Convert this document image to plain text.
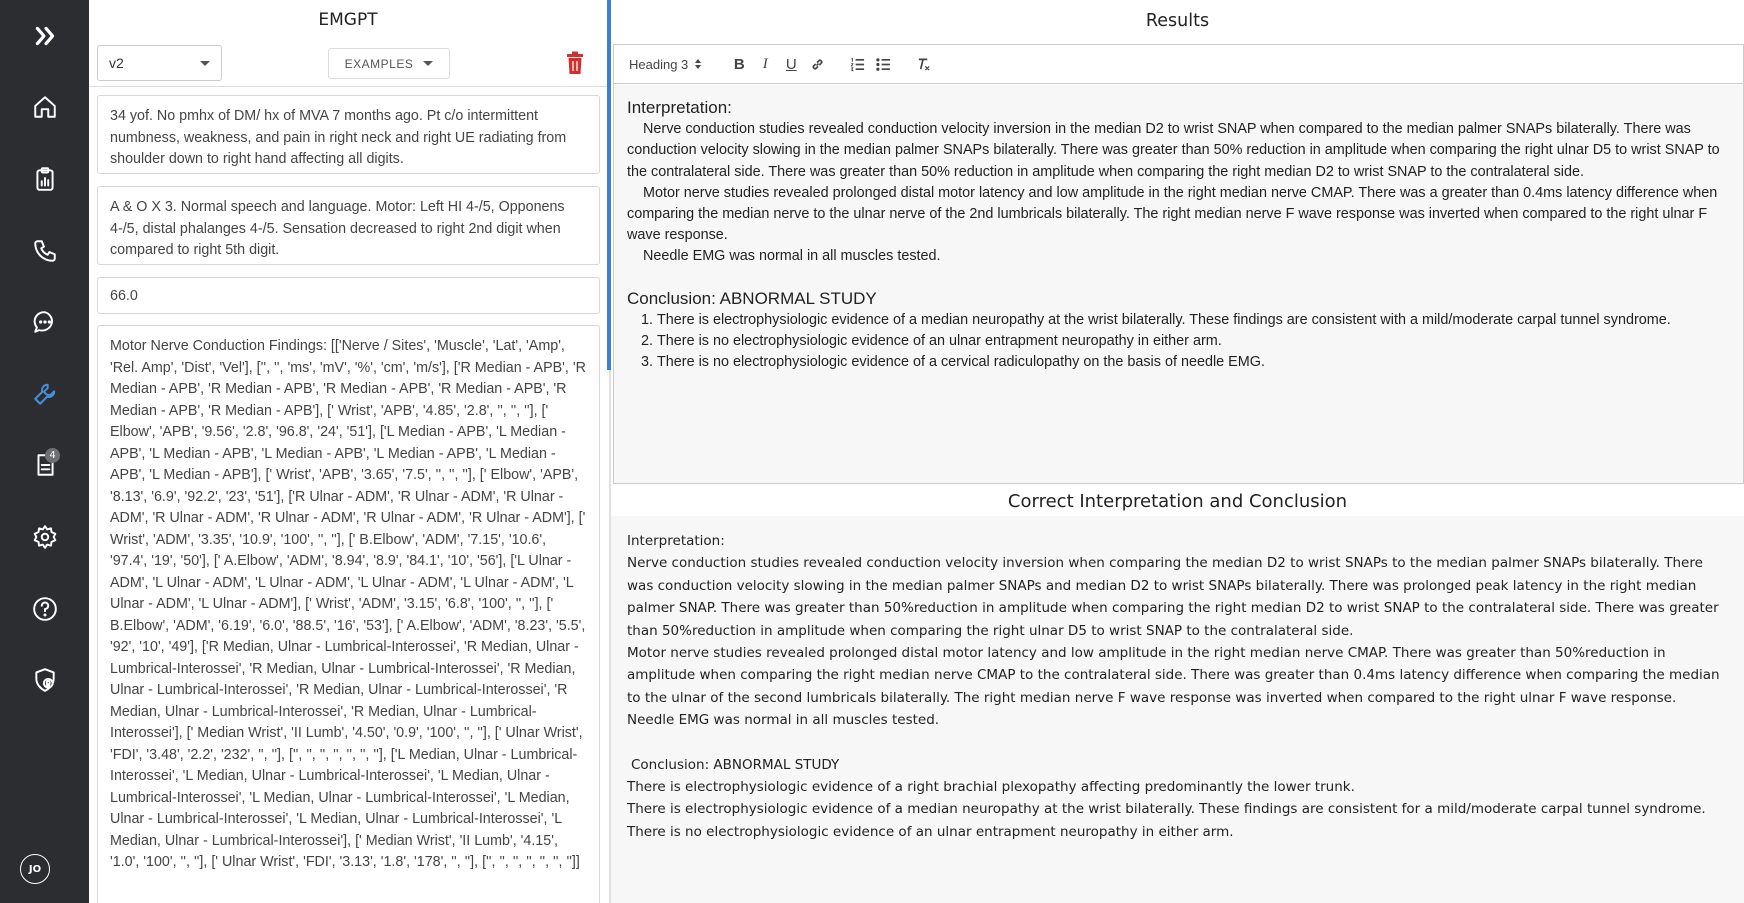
4
JO
EMGPT
v2	EXAMPLES
34 yof. No pmhx of DM/ hx of MVA 7 months ago. Pt c/o intermittent numbness, weakness, and pain in right neck and right UE radiating from shoulder down to right hand affecting all digits.
A & O X 3. Normal speech and language. Motor: Left HI 4-/5, Opponens 4-/5, distal phalanges 4-/5. Sensation decreased to right 2nd digit when compared to right 5th digit.
66.0
Motor Nerve Conduction Findings: [['Nerve / Sites', 'Muscle', 'Lat', 'Amp', 'Rel. Amp', 'Dist', 'Vel'], ['', '', 'ms', 'mV', '%', 'cm', 'm/s'], ['R Median - APB', 'R Median - APB', 'R Median - APB', 'R Median - APB', 'R Median - APB', 'R Median - APB', 'R Median - APB'], [' Wrist', 'APB', '4.85', '2.8', '', '', ''], [' Elbow', 'APB', '9.56', '2.8', '96.8', '24', '51'], ['L Median - APB', 'L Median - APB', 'L Median - APB', 'L Median - APB', 'L Median - APB', 'L Median - APB', 'L Median - APB'], [' Wrist', 'APB', '3.65', '7.5', '', '', ''], [' Elbow', 'APB', '8.13', '6.9', '92.2', '23', '51'], ['R Ulnar - ADM', 'R Ulnar - ADM', 'R Ulnar - ADM', 'R Ulnar - ADM', 'R Ulnar - ADM', 'R Ulnar - ADM', 'R Ulnar - ADM'], [' Wrist', 'ADM', '3.35', '10.9', '100', '', ''], [' B.Elbow', 'ADM', '7.15', '10.6', '97.4', '19', '50'], [' A.Elbow', 'ADM', '8.94', '8.9', '84.1', '10', '56'], ['L Ulnar - ADM', 'L Ulnar - ADM', 'L Ulnar - ADM', 'L Ulnar - ADM', 'L Ulnar - ADM', 'L Ulnar - ADM', 'L Ulnar - ADM'], [' Wrist', 'ADM', '3.15', '6.8', '100', '', ''], [' B.Elbow', 'ADM', '6.19', '6.0', '88.5', '16', '53'], [' A.Elbow', 'ADM', '8.23', '5.5', '92', '10', '49'], ['R Median, Ulnar - Lumbrical-Interossei', 'R Median, Ulnar - Lumbrical-Interossei', 'R Median, Ulnar - Lumbrical-Interossei', 'R Median, Ulnar - Lumbrical-Interossei', 'R Median, Ulnar - Lumbrical-Interossei', 'R Median, Ulnar - Lumbrical-Interossei', 'R Median, Ulnar - Lumbrical-Interossei'], [' Median Wrist', 'II Lumb', '4.50', '0.9', '100', '', ''], [' Ulnar Wrist', 'FDI', '3.48', '2.2', '232', '', ''], ['', '', '', '', '', '', ''], ['L Median, Ulnar - Lumbrical-Interossei', 'L Median, Ulnar - Lumbrical-Interossei', 'L Median, Ulnar - Lumbrical-Interossei', 'L Median, Ulnar - Lumbrical-Interossei', 'L Median, Ulnar - Lumbrical-Interossei', 'L Median, Ulnar - Lumbrical-Interossei', 'L Median, Ulnar - Lumbrical-Interossei'], [' Median Wrist', 'II Lumb', '4.15', '1.0', '100', '', ''], [' Ulnar Wrist', 'FDI', '3.13', '1.8', '178', '', ''], ['', '', '', '', '', '', '']]
Results
Heading 3	B	I	U
Interpretation:
Nerve conduction studies revealed conduction velocity inversion in the median D2 to wrist SNAP when compared to the median palmer SNAPs bilaterally. There was conduction velocity slowing in the median palmer SNAPs bilaterally. There was greater than 50% reduction in amplitude when comparing the right ulnar D5 to wrist SNAP to the contralateral side. There was greater than 50% reduction in amplitude when comparing the right median D2 to wrist SNAP to the contralateral side.
Motor nerve studies revealed prolonged distal motor latency and low amplitude in the right median nerve CMAP. There was a greater than 0.4ms latency difference when comparing the median nerve to the ulnar nerve of the 2nd lumbricals bilaterally. The right median nerve F wave response was inverted when compared to the right ulnar F wave response.
Needle EMG was normal in all muscles tested.
Conclusion: ABNORMAL STUDY
1. There is electrophysiologic evidence of a median neuropathy at the wrist bilaterally. These findings are consistent with a mild/moderate carpal tunnel syndrome.
2. There is no electrophysiologic evidence of an ulnar entrapment neuropathy in either arm.
3. There is no electrophysiologic evidence of a cervical radiculopathy on the basis of needle EMG.
Correct Interpretation and Conclusion
Interpretation:
Nerve conduction studies revealed conduction velocity inversion when comparing the median D2 to wrist SNAPs to the median palmer SNAPs bilaterally. There was conduction velocity slowing in the median palmer SNAPs and median D2 to wrist SNAPs bilaterally. There was prolonged peak latency in the right median palmer SNAP. There was greater than 50%reduction in amplitude when comparing the right median D2 to wrist SNAP to the contralateral side. There was greater than 50%reduction in amplitude when comparing the right ulnar D5 to wrist SNAP to the contralateral side.
Motor nerve studies revealed prolonged distal motor latency and low amplitude in the right median nerve CMAP. There was greater than 50%reduction in amplitude when comparing the right median nerve CMAP to the contralateral side. There was greater than 0.4ms latency difference when comparing the median to the ulnar of the second lumbricals bilaterally. The right median nerve F wave response was inverted when compared to the right ulnar F wave response.
Needle EMG was normal in all muscles tested.
Conclusion: ABNORMAL STUDY
There is electrophysiologic evidence of a right brachial plexopathy affecting predominantly the lower trunk.
There is electrophysiologic evidence of a median neuropathy at the wrist bilaterally. These findings are consistent for a mild/moderate carpal tunnel syndrome.
There is no electrophysiologic evidence of an ulnar entrapment neuropathy in either arm.
